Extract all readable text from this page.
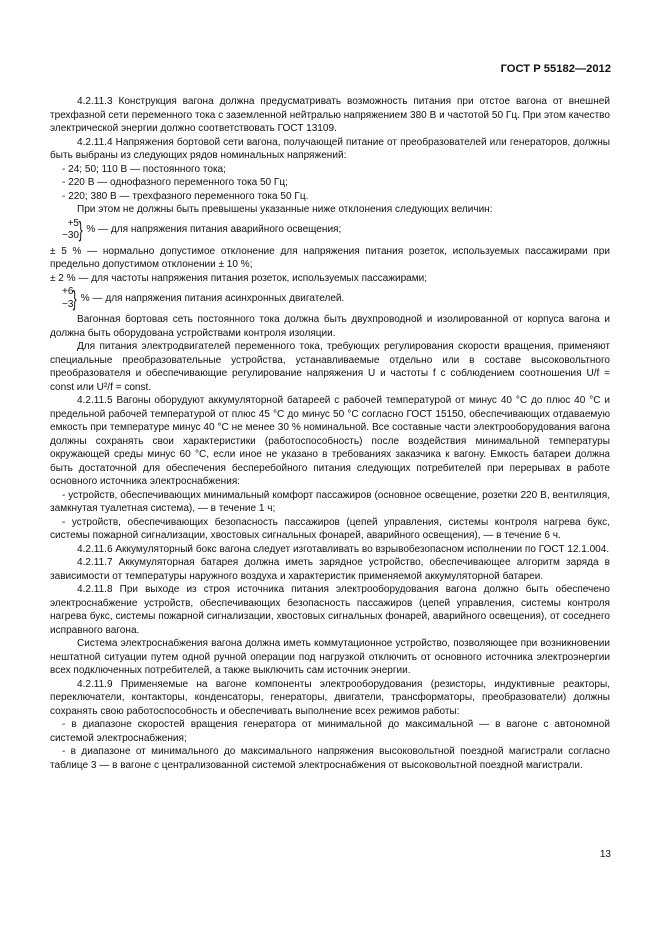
ГОСТ Р 55182—2012

4.2.11.3 Конструкция вагона должна предусматривать возможность питания при отстое вагона от внешней трехфазной сети переменного тока с заземленной нейтралью напряжением 380 В и частотой 50 Гц. При этом качество электрической энергии должно соответствовать ГОСТ 13109.

4.2.11.4 Напряжения бортовой сети вагона, получающей питание от преобразователей или генераторов, должны быть выбраны из следующих рядов номинальных напряжений:

- 24; 50; 110 В — постоянного тока;

- 220 В — однофазного переменного тока 50 Гц;

- 220; 380 В — трехфазного переменного тока 50 Гц.

При этом не должны быть превышены указанные ниже отклонения следующих величин:

+5
−30 } % — для напряжения питания аварийного освещения;

± 5 % — нормально допустимое отклонение для напряжения питания розеток, используемых пассажирами при предельно допустимом отклонении ± 10 %;

± 2 % — для частоты напряжения питания розеток, используемых пассажирами;

+6
−3 } % — для напряжения питания асинхронных двигателей.

Вагонная бортовая сеть постоянного тока должна быть двухпроводной и изолированной от корпуса вагона и должна быть оборудована устройствами контроля изоляции.

Для питания электродвигателей переменного тока, требующих регулирования скорости вращения, применяют специальные преобразовательные устройства, устанавливаемые отдельно или в составе высоковольтного преобразователя и обеспечивающие регулирование напряжения U и частоты f с соблюдением соотношения U/f = const или U²/f = const.

4.2.11.5 Вагоны оборудуют аккумуляторной батареей с рабочей температурой от минус 40 °С до плюс 40 °С и предельной рабочей температурой от плюс 45 °С до минус 50 °С согласно ГОСТ 15150, обеспечивающих отдаваемую емкость при температуре минус 40 °С не менее 30 % номинальной. Все составные части электрооборудования вагона должны сохранять свои характеристики (работоспособность) после воздействия минимальной температуры окружающей среды минус 60 °С, если иное не указано в требованиях заказчика к вагону. Емкость батареи должна быть достаточной для обеспечения бесперебойного питания следующих потребителей при перерывах в работе основного источника электроснабжения:

- устройств, обеспечивающих минимальный комфорт пассажиров (основное освещение, розетки 220 В, вентиляция, замкнутая туалетная система), — в течение 1 ч;

- устройств, обеспечивающих безопасность пассажиров (цепей управления, системы контроля нагрева букс, системы пожарной сигнализации, хвостовых сигнальных фонарей, аварийного освещения), — в течение 6 ч.

4.2.11.6 Аккумуляторный бокс вагона следует изготавливать во взрывобезопасном исполнении по ГОСТ 12.1.004.

4.2.11.7 Аккумуляторная батарея должна иметь зарядное устройство, обеспечивающее алгоритм заряда в зависимости от температуры наружного воздуха и характеристик применяемой аккумуляторной батареи.

4.2.11.8 При выходе из строя источника питания электрооборудования вагона должно быть обеспечено электроснабжение устройств, обеспечивающих безопасность пассажиров (цепей управления, системы контроля нагрева букс, системы пожарной сигнализации, хвостовых сигнальных фонарей, аварийного освещения), от соседнего исправного вагона.

Система электроснабжения вагона должна иметь коммутационное устройство, позволяющее при возникновении нештатной ситуации путем одной ручной операции под нагрузкой отключить от основного источника электроэнергии всех подключенных потребителей, а также выключить сам источник энергии.

4.2.11.9 Применяемые на вагоне компоненты электрооборудования (резисторы, индуктивные реакторы, переключатели, контакторы, конденсаторы, генераторы, двигатели, трансформаторы, преобразователи) должны сохранять свою работоспособность и обеспечивать выполнение всех режимов работы:

- в диапазоне скоростей вращения генератора от минимальной до максимальной — в вагоне с автономной системой электроснабжения;

- в диапазоне от минимального до максимального напряжения высоковольтной поездной магистрали согласно таблице 3 — в вагоне с централизованной системой электроснабжения от высоковольтной поездной магистрали.

13
